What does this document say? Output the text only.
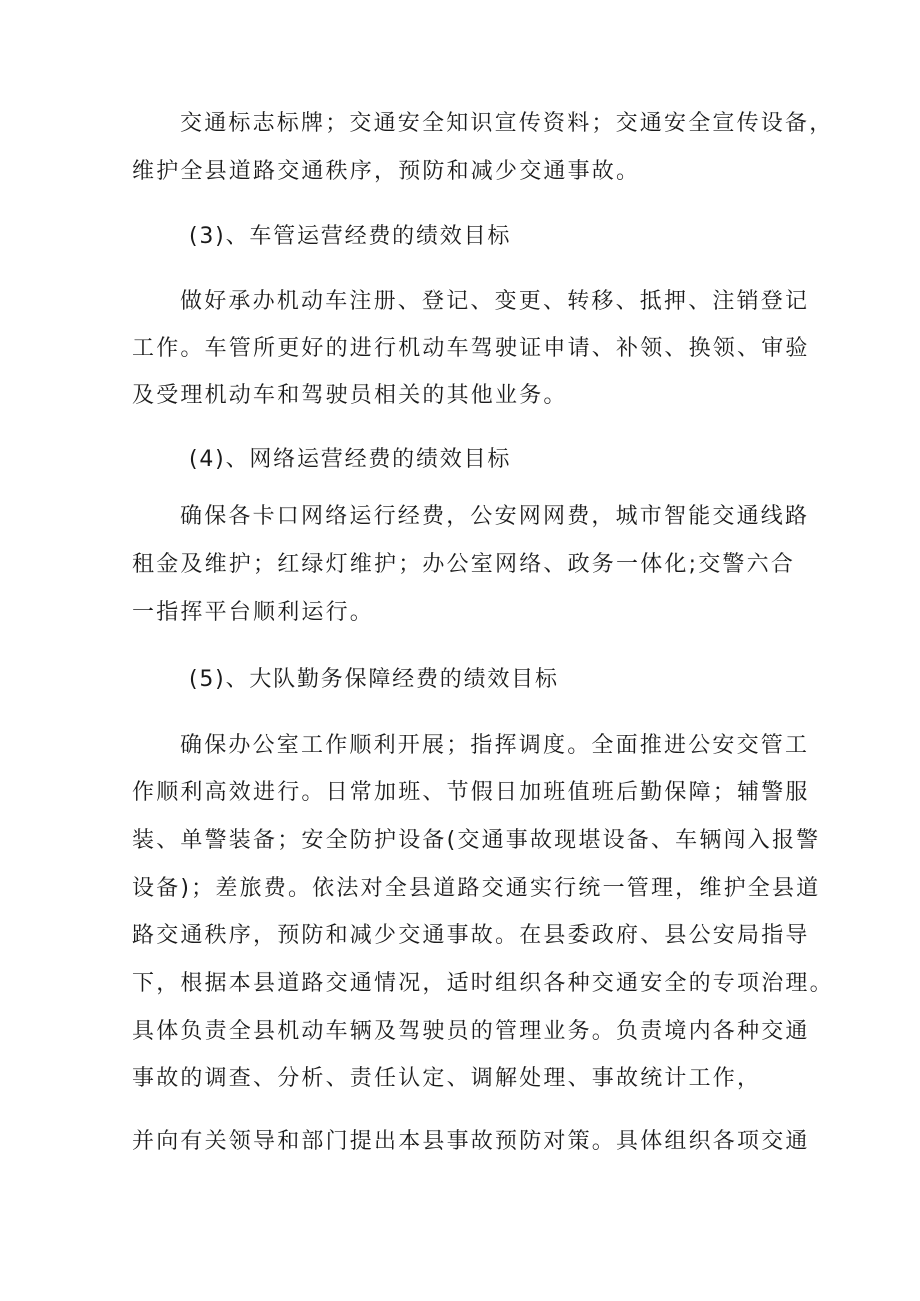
交通标志标牌；交通安全知识宣传资料；交通安全宣传设备，
维护全县道路交通秩序，预防和减少交通事故。
(3)、车管运营经费的绩效目标
做好承办机动车注册、登记、变更、转移、抵押、注销登记
工作。车管所更好的进行机动车驾驶证申请、补领、换领、审验
及受理机动车和驾驶员相关的其他业务。
(4)、网络运营经费的绩效目标
确保各卡口网络运行经费，公安网网费，城市智能交通线路
租金及维护；红绿灯维护；办公室网络、政务一体化;交警六合
一指挥平台顺利运行。
(5)、大队勤务保障经费的绩效目标
确保办公室工作顺利开展；指挥调度。全面推进公安交管工
作顺利高效进行。日常加班、节假日加班值班后勤保障；辅警服
装、单警装备；安全防护设备(交通事故现堪设备、车辆闯入报警
设备)；差旅费。依法对全县道路交通实行统一管理，维护全县道
路交通秩序，预防和减少交通事故。在县委政府、县公安局指导
下，根据本县道路交通情况，适时组织各种交通安全的专项治理。
具体负责全县机动车辆及驾驶员的管理业务。负责境内各种交通
事故的调查、分析、责任认定、调解处理、事故统计工作，
并向有关领导和部门提出本县事故预防对策。具体组织各项交通
